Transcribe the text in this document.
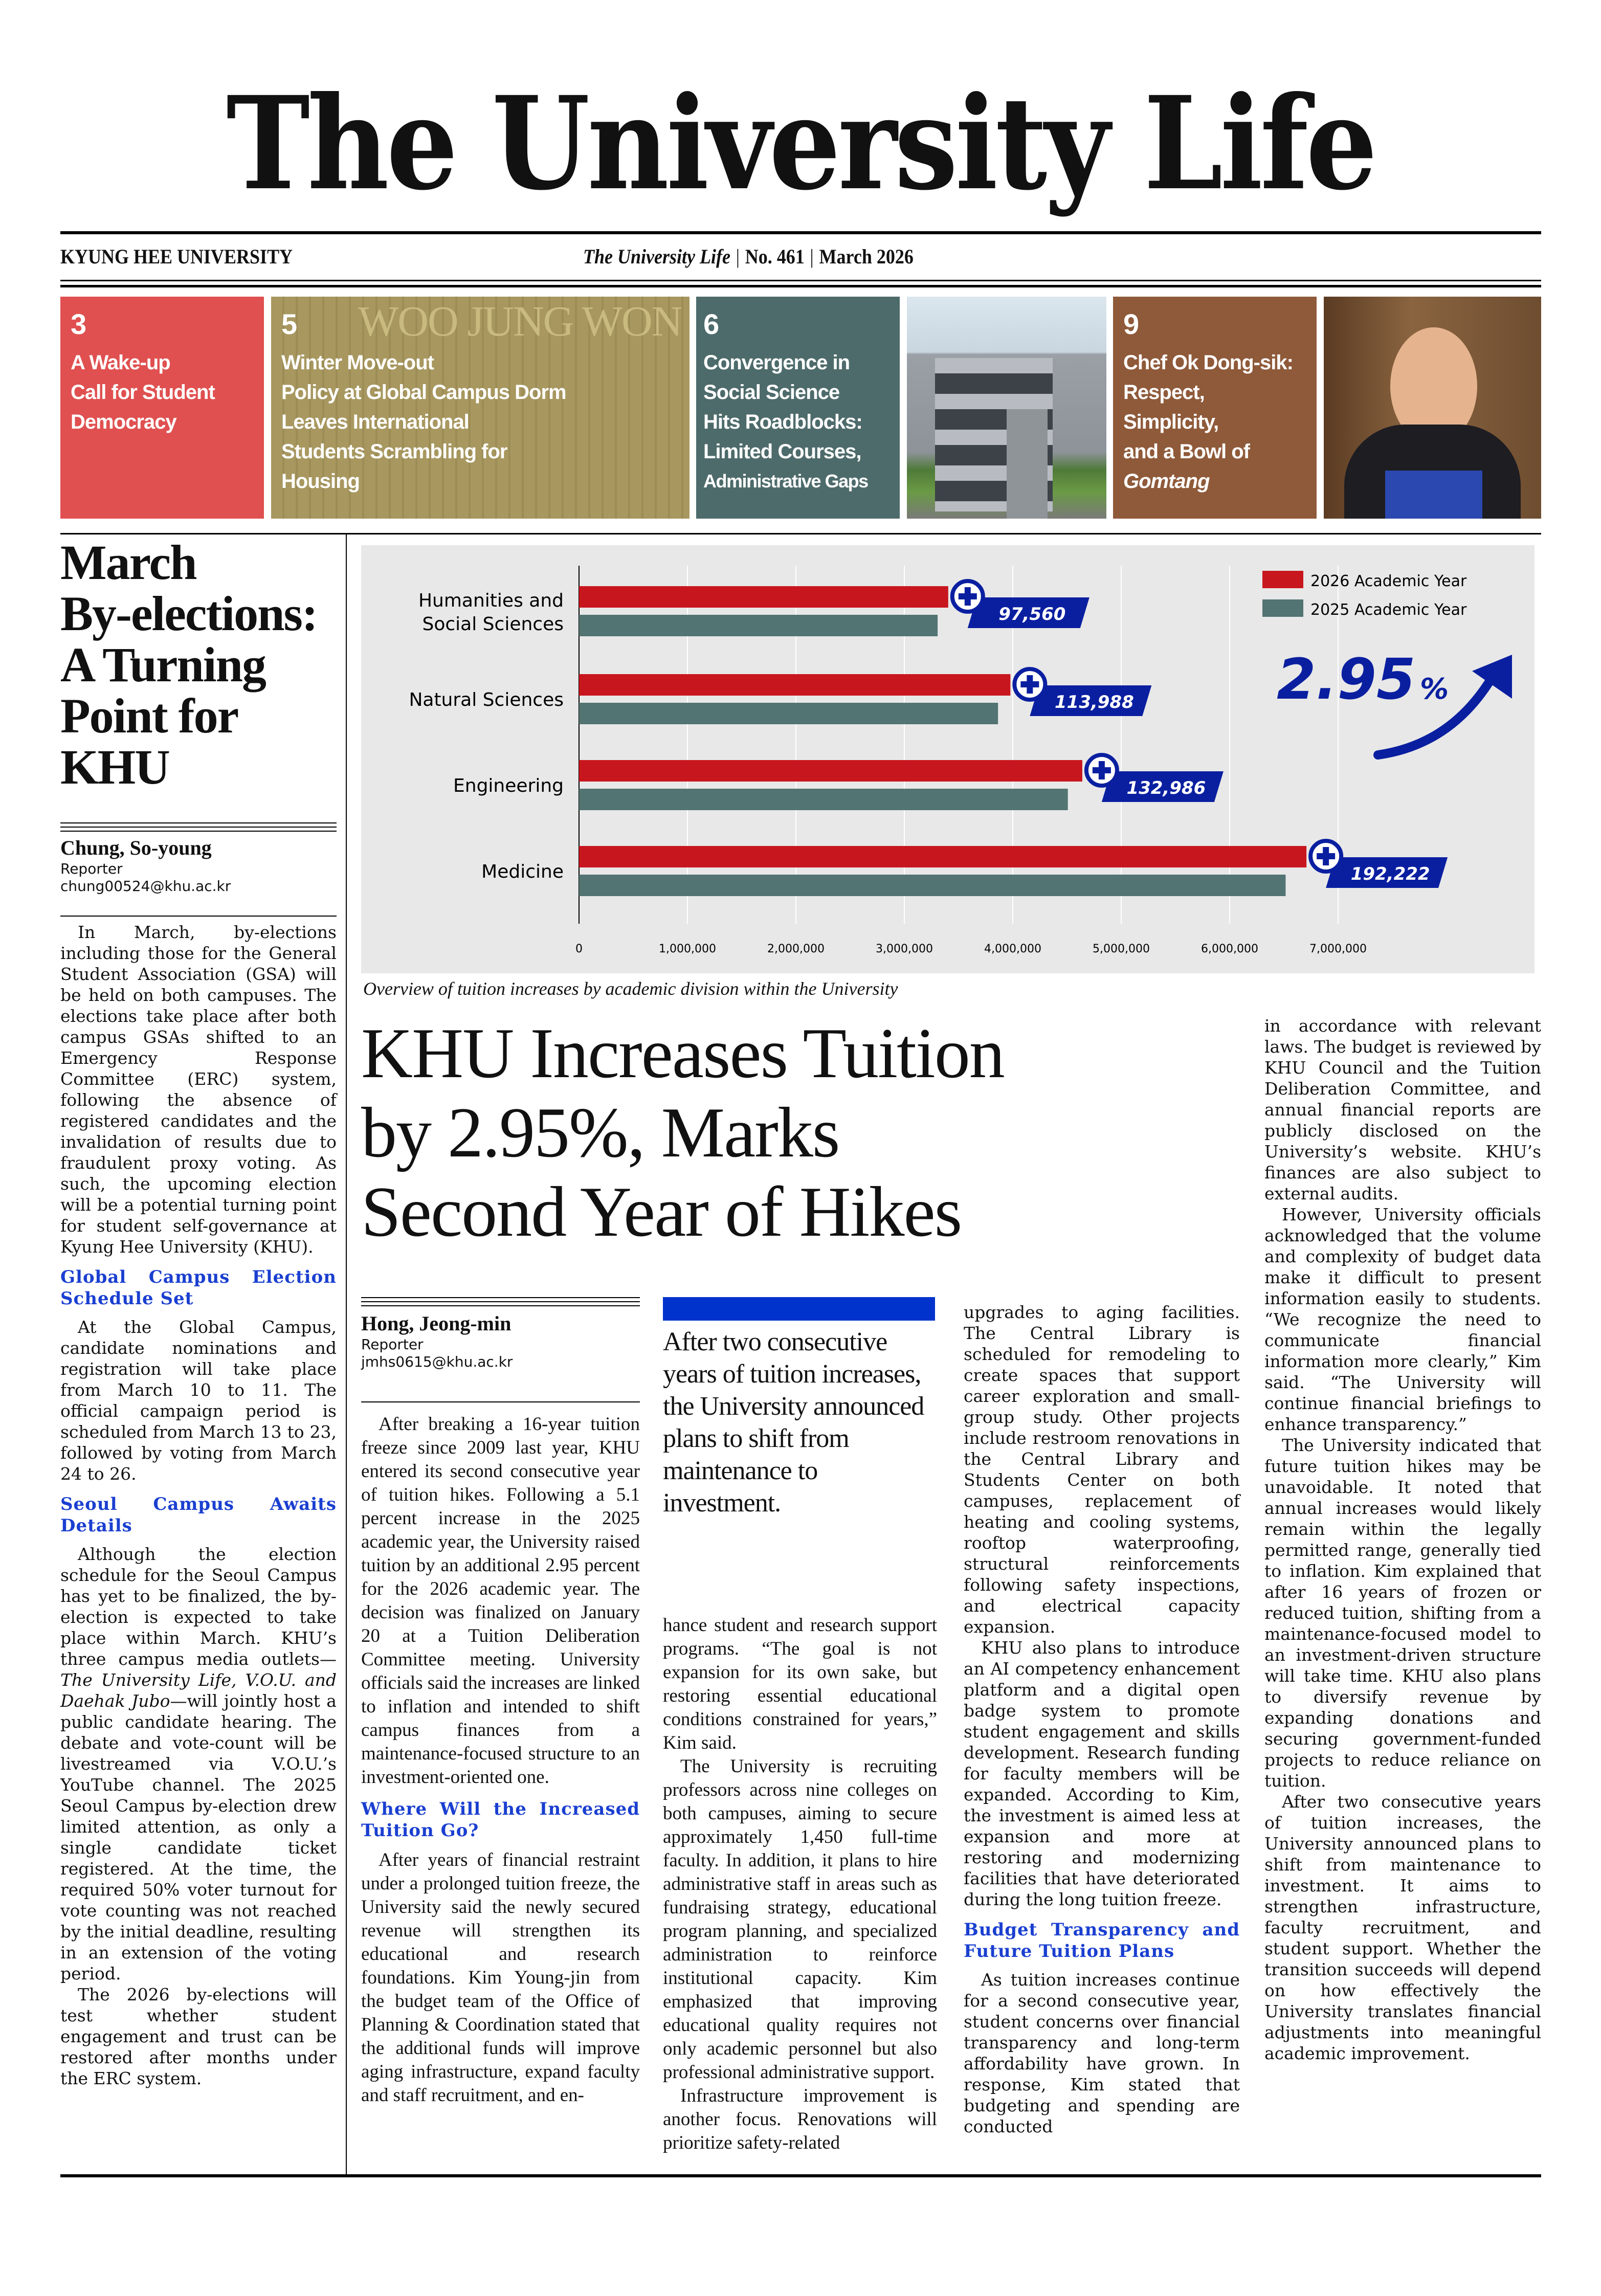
The University Life
KYUNG HEE UNIVERSITY	The University Life | No. 461 | March 2026
3
A Wake-up
Call for Student
Democracy
WOO JUNG WON
5
Winter Move-out
Policy at Global Campus Dorm
Leaves International
Students Scrambling for
Housing
6
Convergence in
Social Science
Hits Roadblocks:
Limited Courses,
Administrative Gaps
9
Chef Ok Dong-sik:
Respect,
Simplicity,
and a Bowl of
Gomtang
March
By-elections:
A Turning
Point for
KHU
Chung, So-young
Reporter
chung00524@khu.ac.kr

In March, by-elections including those for the General Student Association (GSA) will be held on both campuses. The elections take place after both campus GSAs shifted to an Emergency Response Committee (ERC) system, following the absence of registered candidates and the invalidation of results due to fraudulent proxy voting. As such, the upcoming election will be a potential turning point for student self-governance at Kyung Hee University (KHU).

Global Campus Election Schedule Set

At the Global Campus, candidate nominations and registration will take place from March 10 to 11. The official campaign period is scheduled from March 13 to 23, followed by voting from March 24 to 26.

Seoul Campus Awaits Details

Although the election schedule for the Seoul Campus has yet to be finalized, the by-election is expected to take place within March. KHU’s three campus media outlets—The University Life, V.O.U. and Daehak Jubo—will jointly host a public candidate hearing. The debate and vote-count will be livestreamed via V.O.U.’s YouTube channel. The 2025 Seoul Campus by-election drew limited attention, as only a single candidate ticket registered. At the time, the required 50% voter turnout for vote counting was not reached by the initial deadline, resulting in an extension of the voting period.

The 2026 by-elections will test whether student engagement and trust can be restored after months under the ERC system.

0	1,000,000	2,000,000	3,000,000	4,000,000	5,000,000	6,000,000	7,000,000
Humanities and
Social Sciences	97,560
Natural Sciences	113,988
Engineering	132,986
Medicine	192,222
2026 Academic Year
2025 Academic Year
2.95 %
Overview of tuition increases by academic division within the University
KHU Increases Tuition
by 2.95%, Marks
Second Year of Hikes
Hong, Jeong-min
Reporter
jmhs0615@khu.ac.kr

After breaking a 16-year tuition freeze since 2009 last year, KHU entered its second consecutive year of tuition hikes. Following a 5.1 percent increase in the 2025 academic year, the University raised tuition by an additional 2.95 percent for the 2026 academic year. The decision was finalized on January 20 at a Tuition Deliberation Committee meeting. University officials said the increases are linked to inflation and intended to shift campus finances from a maintenance-focused structure to an investment-oriented one.

Where Will the Increased Tuition Go?

After years of financial restraint under a prolonged tuition freeze, the University said the newly secured revenue will strengthen its educational and research foundations. Kim Young-jin from the budget team of the Office of Planning & Coordination stated that the additional funds will improve aging infrastructure, expand faculty and staff recruitment, and en-

After two consecutive years of tuition increases, the University announced plans to shift from maintenance to investment.

hance student and research support programs. “The goal is not expansion for its own sake, but restoring essential educational conditions constrained for years,” Kim said.

The University is recruiting professors across nine colleges on both campuses, aiming to secure approximately 1,450 full-time faculty. In addition, it plans to hire administrative staff in areas such as fundraising strategy, educational program planning, and specialized administration to reinforce institutional capacity. Kim emphasized that improving educational quality requires not only academic personnel but also professional administrative support.

Infrastructure improvement is another focus. Renovations will prioritize safety-related

upgrades to aging facilities. The Central Library is scheduled for remodeling to create spaces that support career exploration and small-group study. Other projects include restroom renovations in the Central Library and Students Center on both campuses, replacement of heating and cooling systems, rooftop waterproofing, structural reinforcements following safety inspections, and electrical capacity expansion.

KHU also plans to introduce an AI competency enhancement platform and a digital open badge system to promote student engagement and skills development. Research funding for faculty members will be expanded. According to Kim, the investment is aimed less at expansion and more at restoring and modernizing facilities that have deteriorated during the long tuition freeze.

Budget Transparency and Future Tuition Plans

As tuition increases continue for a second consecutive year, student concerns over financial transparency and long-term affordability have grown. In response, Kim stated that budgeting and spending are conducted

in accordance with relevant laws. The budget is reviewed by KHU Council and the Tuition Deliberation Committee, and annual financial reports are publicly disclosed on the University’s website. KHU’s finances are also subject to external audits.

However, University officials acknowledged that the volume and complexity of budget data make it difficult to present information easily to students. “We recognize the need to communicate financial information more clearly,” Kim said. “The University will continue financial briefings to enhance transparency.”

The University indicated that future tuition hikes may be unavoidable. It noted that annual increases would likely remain within the legally permitted range, generally tied to inflation. Kim explained that after 16 years of frozen or reduced tuition, shifting from a maintenance-focused model to an investment-driven structure will take time. KHU also plans to diversify revenue by expanding donations and securing government-funded projects to reduce reliance on tuition.

After two consecutive years of tuition increases, the University announced plans to shift from maintenance to investment. It aims to strengthen infrastructure, faculty recruitment, and student support. Whether the transition succeeds will depend on how effectively the University translates financial adjustments into meaningful academic improvement.
